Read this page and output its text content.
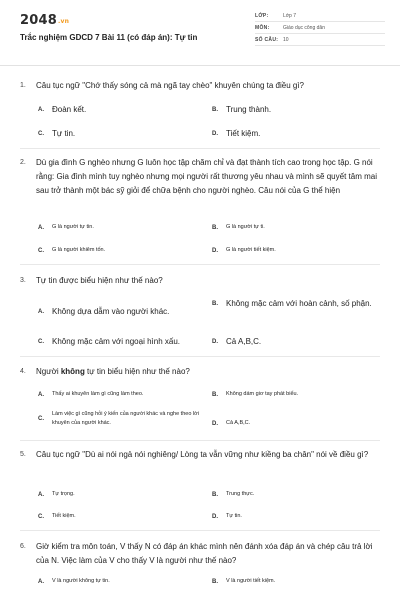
2048.vn
Trắc nghiệm GDCD 7 Bài 11 (có đáp án): Tự tin
LỚP:	Lớp 7
MÔN:	Giáo dục công dân
SỐ CÂU: 10
1. Câu tục ngữ "Chớ thấy sóng cả mà ngã tay chèo" khuyên chúng ta điều gì?
A.	Đoàn kết.	B.	Trung thành.
C.	Tự tin.	D.	Tiết kiệm.
2. Dù gia đình G nghèo nhưng G luôn học tập chăm chỉ và đạt thành tích cao trong học tập. G nói rằng: Gia đình mình tuy nghèo nhưng mọi người rất thương yêu nhau và mình sẽ quyết tâm mai sau trở thành một bác sỹ giỏi để chữa bệnh cho người nghèo. Câu nói của G thể hiện
A.	G là người tự tin.	B.	G là người tự ti.
C.	G là người khiêm tốn.	D.	G là người tiết kiệm.
3. Tự tin được biểu hiện như thế nào?
A.	Không dựa dẫm vào người khác.
B.	Không mặc cảm với hoàn cảnh, số phận.
C.	Không mặc cảm với ngoại hình xấu.	D.	Cả A,B,C.
4. Người không tự tin biểu hiện như thế nào?
A.	Thấy ai khuyên làm gì cũng làm theo.	B.	Không dám giơ tay phát biểu.
C.
Làm việc gì cũng hỏi ý kiến của người khác và nghe theo lời khuyên của người khác.	D.	Cả A,B,C.
5. Câu tục ngữ "Dù ai nói ngả nói nghiêng/ Lòng ta vẫn vững như kiềng ba chân" nói về điều gì?
A.	Tự trọng.	B.	Trung thực.
C.	Tiết kiệm.	D.	Tự tin.
6. Giờ kiểm tra môn toán, V thấy N có đáp án khác mình nên đánh xóa đáp án và chép câu trả lời của N. Việc làm của V cho thấy V là người như thế nào?
A.	V là người không tự tin.	B.	V là người tiết kiệm.
